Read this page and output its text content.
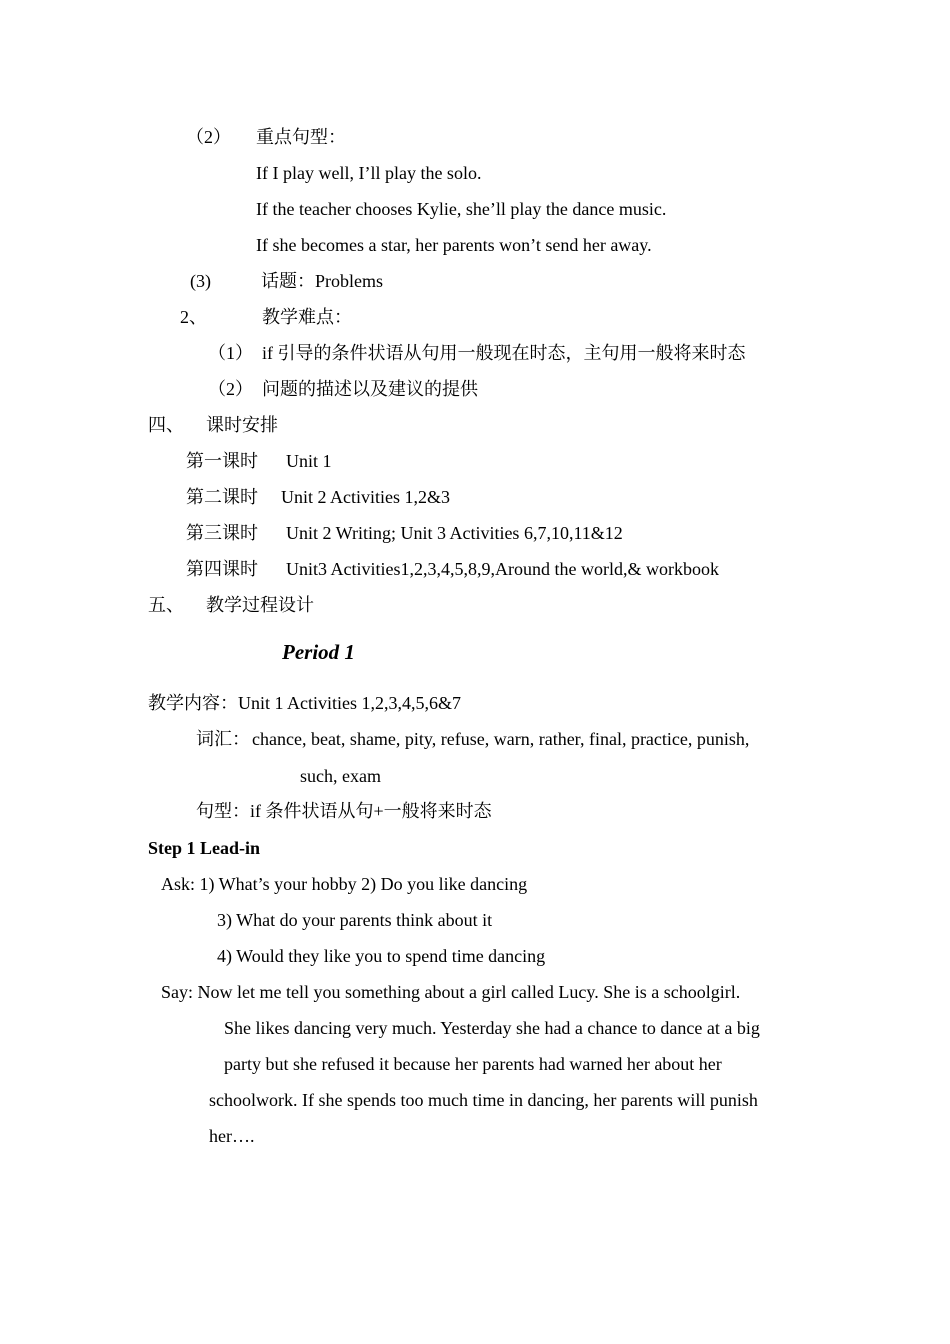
（2） 重点句型：
If I play well, I’ll play the solo.
If the teacher chooses Kylie, she’ll play the dance music.
If she becomes a star, her parents won’t send her away.
(3)	话题：Problems
2、	教学难点：
（1） if 引导的条件状语从句用一般现在时态，主句用一般将来时态
（2） 问题的描述以及建议的提供
四、 课时安排
第一课时 Unit 1
第二课时 Unit 2 Activities 1,2&3
第三课时 Unit 2 Writing; Unit 3 Activities 6,7,10,11&12
第四课时 Unit3 Activities1,2,3,4,5,8,9,Around the world,& workbook
五、 教学过程设计
Period 1
教学内容：Unit 1 Activities 1,2,3,4,5,6&7
词汇： chance, beat, shame, pity, refuse, warn, rather, final, practice, punish,
such, exam
句型：if 条件状语从句+一般将来时态
Step 1 Lead-in
Ask: 1) What’s your hobby 2) Do you like dancing
3) What do your parents think about it
4) Would they like you to spend time dancing
Say: Now let me tell you something about a girl called Lucy. She is a schoolgirl.
She likes dancing very much. Yesterday she had a chance to dance at a big
party but she refused it because her parents had warned her about her
schoolwork. If she spends too much time in dancing, her parents will punish
her….
